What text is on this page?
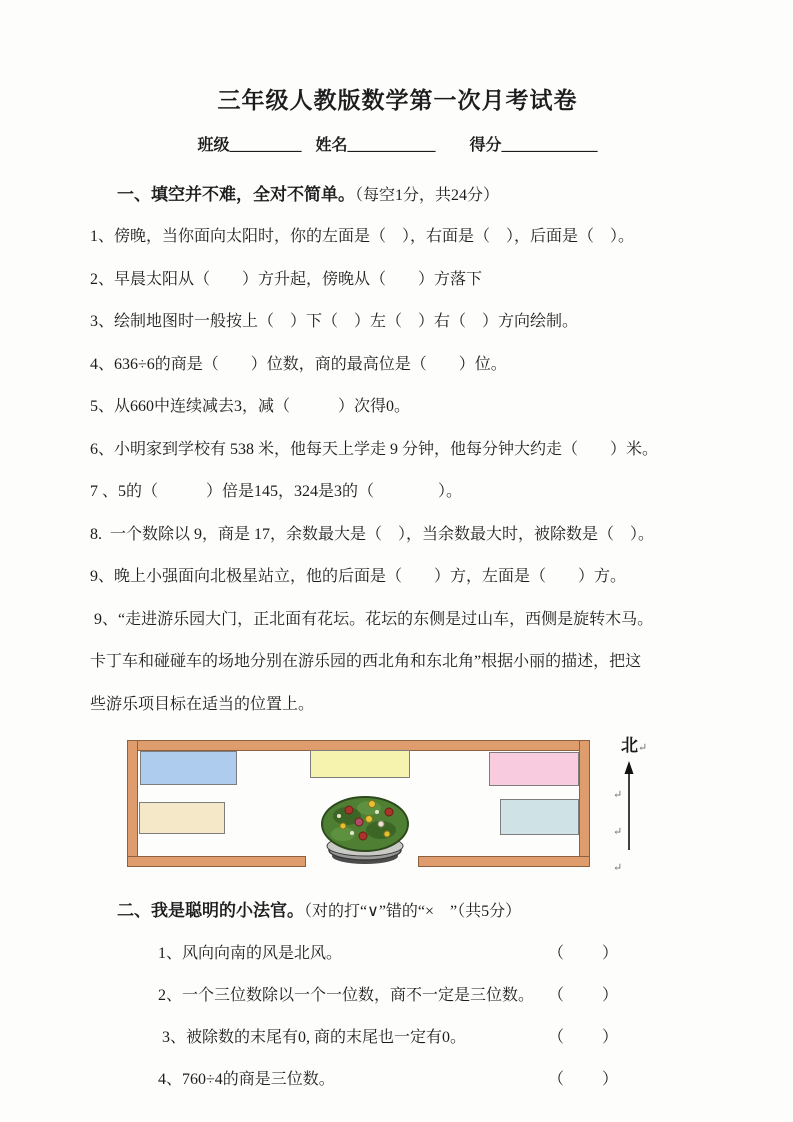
三年级人教版数学第一次月考试卷
班级_________ 姓名___________ 得分____________
一、填空并不难，全对不简单。（每空1分，共24分）
1、傍晚，当你面向太阳时，你的左面是（　），右面是（　），后面是（　）。
2、早晨太阳从（　　）方升起，傍晚从（　　）方落下
3、绘制地图时一般按上（　）下（　）左（　）右（　）方向绘制。
4、636÷6的商是（　　）位数，商的最高位是（　　）位。
5、从660中连续减去3，减（　　　）次得0。
6、小明家到学校有 538 米，他每天上学走 9 分钟，他每分钟大约走（　　）米。
7 、5的（　　　）倍是145，324是3的（　　　　）。
8.  一个数除以 9，商是 17，余数最大是（　），当余数最大时，被除数是（　）。
9、晚上小强面向北极星站立，他的后面是（　　）方，左面是（　　）方。
9、“走进游乐园大门，正北面有花坛。花坛的东侧是过山车，西侧是旋转木马。
卡丁车和碰碰车的场地分别在游乐园的西北角和东北角”根据小丽的描述，把这
些游乐项目标在适当的位置上。
北↵
↵
↵
↵
二、我是聪明的小法官。（对的打“∨”错的“×　”（共5分）
1、风向向南的风是北风。	（　　）
2、一个三位数除以一个一位数，商不一定是三位数。 （　　）
3、被除数的末尾有0, 商的末尾也一定有0。	（　　）
4、760÷4的商是三位数。	（　　）
